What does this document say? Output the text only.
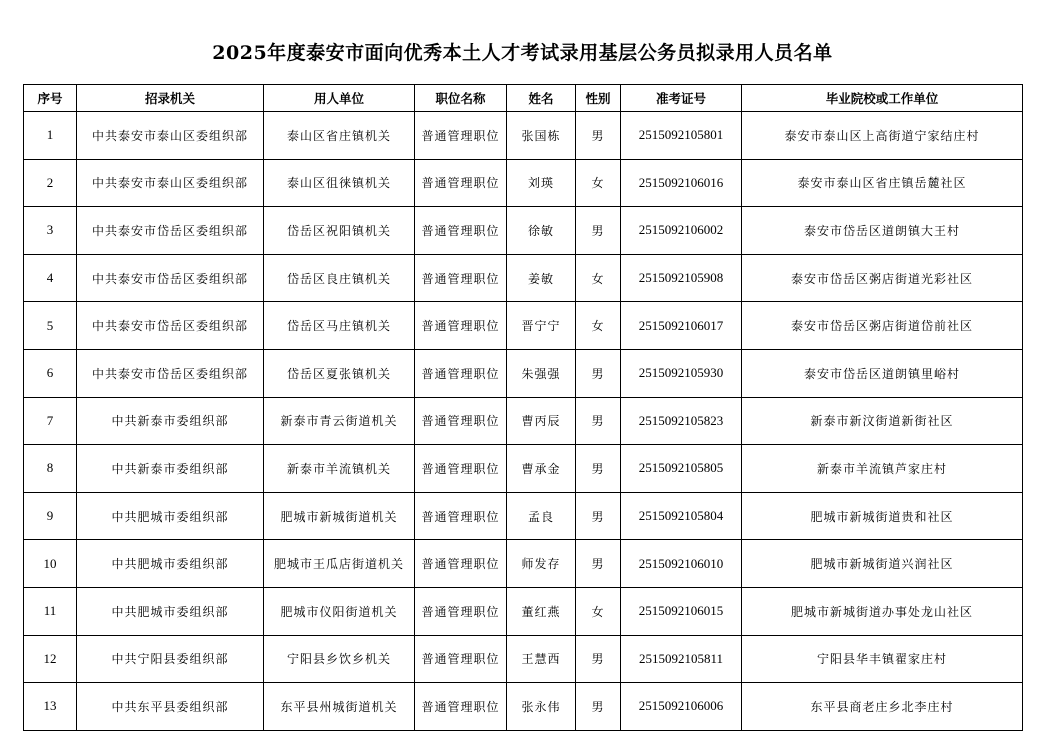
2025年度泰安市面向优秀本土人才考试录用基层公务员拟录用人员名单
序号	招录机关	用人单位	职位名称	姓名	性别	准考证号	毕业院校或工作单位
1	中共泰安市泰山区委组织部	泰山区省庄镇机关	普通管理职位	张国栋	男	2515092105801	泰安市泰山区上高街道宁家结庄村
2	中共泰安市泰山区委组织部	泰山区徂徕镇机关	普通管理职位	刘瑛	女	2515092106016	泰安市泰山区省庄镇岳麓社区
3	中共泰安市岱岳区委组织部	岱岳区祝阳镇机关	普通管理职位	徐敏	男	2515092106002	泰安市岱岳区道朗镇大王村
4	中共泰安市岱岳区委组织部	岱岳区良庄镇机关	普通管理职位	姜敏	女	2515092105908	泰安市岱岳区粥店街道光彩社区
5	中共泰安市岱岳区委组织部	岱岳区马庄镇机关	普通管理职位	晋宁宁	女	2515092106017	泰安市岱岳区粥店街道岱前社区
6	中共泰安市岱岳区委组织部	岱岳区夏张镇机关	普通管理职位	朱强强	男	2515092105930	泰安市岱岳区道朗镇里峪村
7	中共新泰市委组织部	新泰市青云街道机关	普通管理职位	曹丙辰	男	2515092105823	新泰市新汶街道新街社区
8	中共新泰市委组织部	新泰市羊流镇机关	普通管理职位	曹承金	男	2515092105805	新泰市羊流镇芦家庄村
9	中共肥城市委组织部	肥城市新城街道机关	普通管理职位	孟良	男	2515092105804	肥城市新城街道贵和社区
10	中共肥城市委组织部	肥城市王瓜店街道机关	普通管理职位	师发存	男	2515092106010	肥城市新城街道兴润社区
11	中共肥城市委组织部	肥城市仪阳街道机关	普通管理职位	董红燕	女	2515092106015	肥城市新城街道办事处龙山社区
12	中共宁阳县委组织部	宁阳县乡饮乡机关	普通管理职位	王慧西	男	2515092105811	宁阳县华丰镇翟家庄村
13	中共东平县委组织部	东平县州城街道机关	普通管理职位	张永伟	男	2515092106006	东平县商老庄乡北李庄村
